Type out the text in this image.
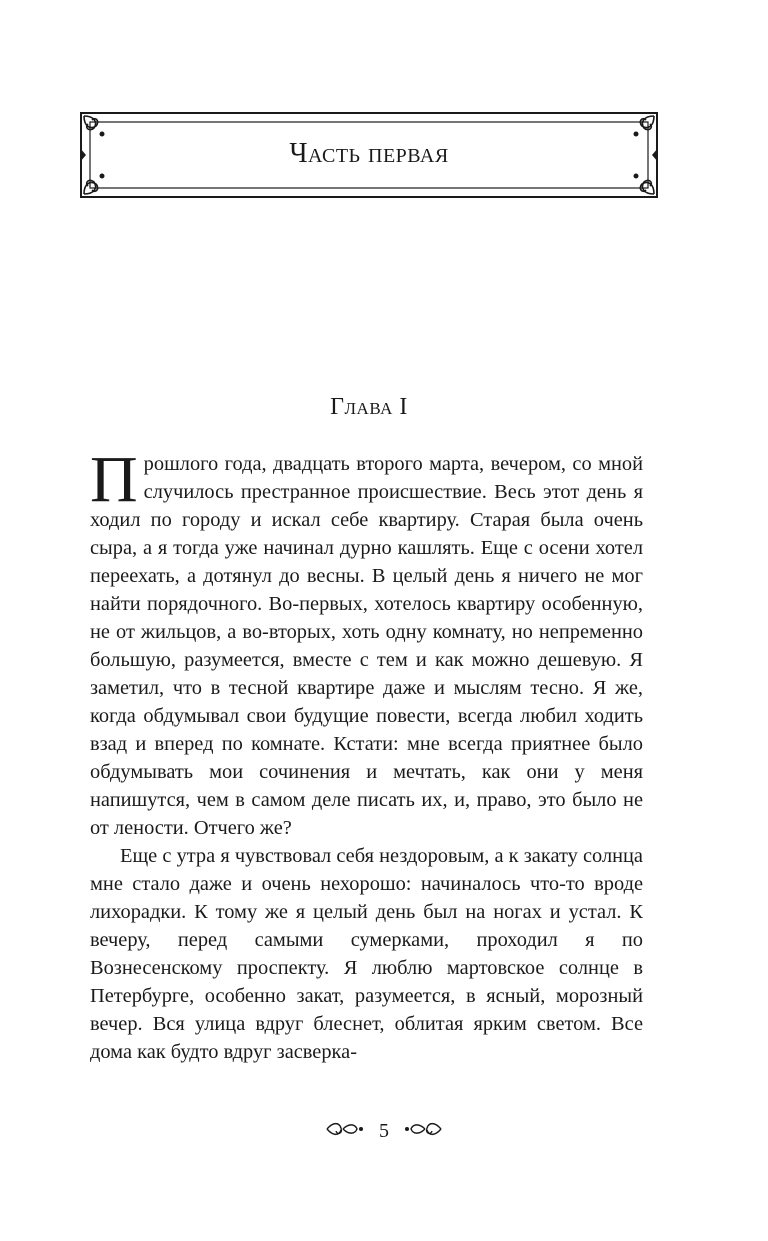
Часть первая
Глава I

Прошлого года, двадцать второго марта, вечером, со мной случилось престранное происшествие. Весь этот день я ходил по городу и искал себе квартиру. Старая была очень сыра, а я тогда уже начинал дурно кашлять. Еще с осени хотел переехать, а дотянул до весны. В целый день я ничего не мог найти порядочного. Во-первых, хотелось квартиру особенную, не от жильцов, а во-вторых, хоть одну комнату, но непременно большую, разумеется, вместе с тем и как можно дешевую. Я заметил, что в тесной квартире даже и мыслям тесно. Я же, когда обдумывал свои будущие повести, всегда любил ходить взад и вперед по комнате. Кстати: мне всегда приятнее было обдумывать мои сочинения и мечтать, как они у меня напишутся, чем в самом деле писать их, и, право, это было не от лености. Отчего же?

Еще с утра я чувствовал себя нездоровым, а к закату солнца мне стало даже и очень нехорошо: начиналось что-то вроде лихорадки. К тому же я целый день был на ногах и устал. К вечеру, перед самыми сумерками, проходил я по Вознесенскому проспекту. Я люблю мартовское солнце в Петербурге, особенно закат, разумеется, в ясный, морозный вечер. Вся улица вдруг блеснет, облитая ярким светом. Все дома как будто вдруг засверка-

5
